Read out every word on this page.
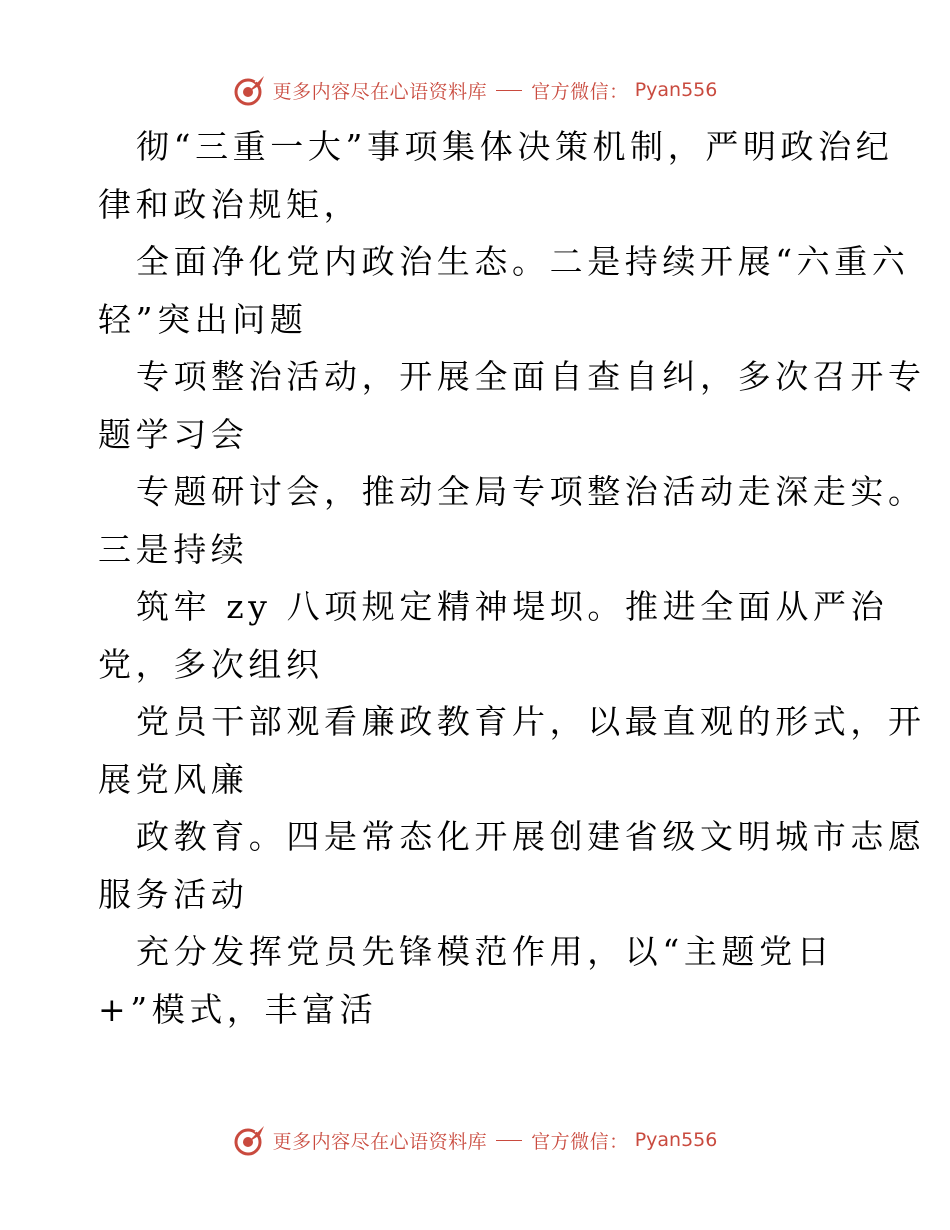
更多内容尽在心语资料库 官方微信： Pyan556
彻“三重一大”事项集体决策机制，严明政治纪
律和政治规矩，
全面净化党内政治生态。二是持续开展“六重六
轻”突出问题
专项整治活动，开展全面自查自纠，多次召开专
题学习会
专题研讨会，推动全局专项整治活动走深走实。
三是持续
筑牢 zy 八项规定精神堤坝。推进全面从严治
党，多次组织
党员干部观看廉政教育片，以最直观的形式，开
展党风廉
政教育。四是常态化开展创建省级文明城市志愿
服务活动
充分发挥党员先锋模范作用，以“主题党日
+”模式，丰富活
更多内容尽在心语资料库 官方微信： Pyan556
